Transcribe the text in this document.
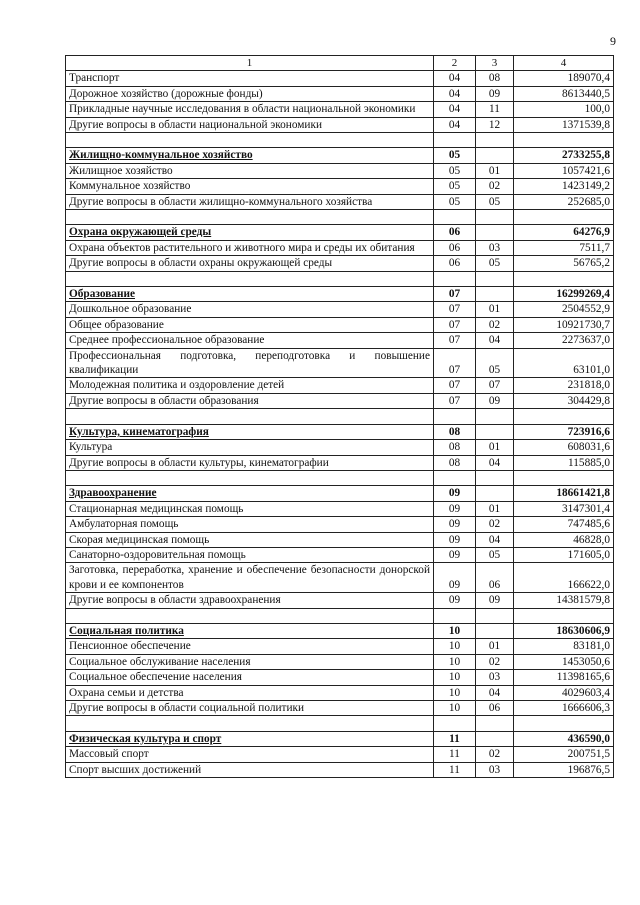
9
1	2	3	4
Транспорт	04	08	189070,4
Дорожное хозяйство (дорожные фонды)	04	09	8613440,5
Прикладные научные исследования в области национальной экономики	04	11	100,0
Другие вопросы в области национальной экономики	04	12	1371539,8

Жилищно-коммунальное хозяйство	05		2733255,8
Жилищное хозяйство	05	01	1057421,6
Коммунальное хозяйство	05	02	1423149,2
Другие вопросы в области жилищно-коммунального хозяйства	05	05	252685,0

Охрана окружающей среды	06		64276,9
Охрана объектов растительного и животного мира и среды их обитания	06	03	7511,7
Другие вопросы в области охраны окружающей среды	06	05	56765,2

Образование	07		16299269,4
Дошкольное образование	07	01	2504552,9
Общее образование	07	02	10921730,7
Среднее профессиональное образование	07	04	2273637,0
Профессиональная подготовка, переподготовка и повышение квалификации	07	05	63101,0
Молодежная политика и оздоровление детей	07	07	231818,0
Другие вопросы в области образования	07	09	304429,8

Культура, кинематография	08		723916,6
Культура	08	01	608031,6
Другие вопросы в области культуры, кинематографии	08	04	115885,0

Здравоохранение	09		18661421,8
Стационарная медицинская помощь	09	01	3147301,4
Амбулаторная помощь	09	02	747485,6
Скорая медицинская помощь	09	04	46828,0
Санаторно-оздоровительная помощь	09	05	171605,0
Заготовка, переработка, хранение и обеспечение безопасности донорской крови и ее компонентов	09	06	166622,0
Другие вопросы в области здравоохранения	09	09	14381579,8

Социальная политика	10		18630606,9
Пенсионное обеспечение	10	01	83181,0
Социальное обслуживание населения	10	02	1453050,6
Социальное обеспечение населения	10	03	11398165,6
Охрана семьи и детства	10	04	4029603,4
Другие вопросы в области социальной политики	10	06	1666606,3

Физическая культура и спорт	11		436590,0
Массовый спорт	11	02	200751,5
Спорт высших достижений	11	03	196876,5
